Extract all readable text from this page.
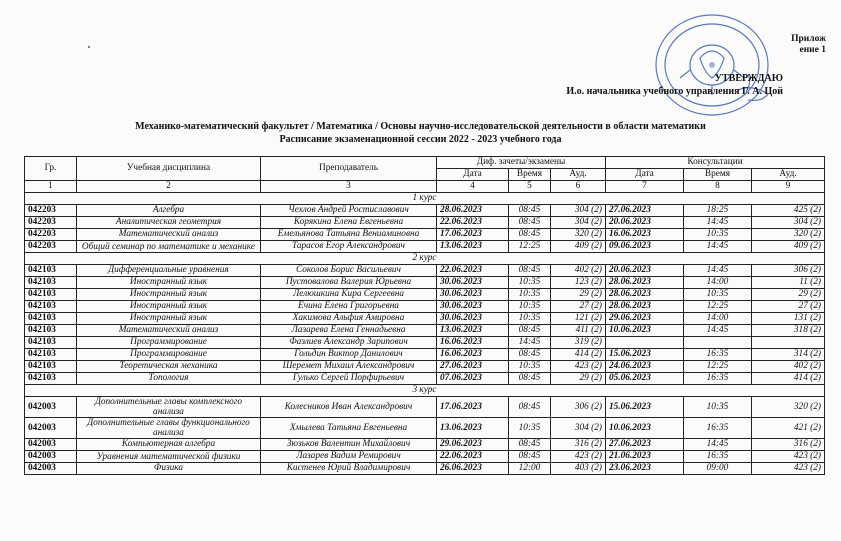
Прилож
ение 1
УТВЕРЖДАЮ
И.о. начальника учебного управления Г. А. Цой
Механико-математический факультет / Математика / Основы научно-исследовательской деятельности в области математики
Расписание экзаменационной сессии 2022 - 2023 учебного года
Гр.	Учебная дисциплина	Преподаватель	Диф. зачеты/экзамены			Консультации		
			Дата	Время	Ауд.	Дата	Время	Ауд.
1	2	3	4	5	6	7	8	9
1 курс								
042203	Алгебра	Чехлов Андрей Ростиславович	28.06.2023	08:45	304 (2)	27.06.2023	18:25	425 (2)
042203	Аналитическая геометрия	Корякина Елена Евгеньевна	22.06.2023	08:45	304 (2)	20.06.2023	14:45	304 (2)
042203	Математический анализ	Емельянова Татьяна Вениаминовна	17.06.2023	08:45	320 (2)	16.06.2023	10:35	320 (2)
042203	Общий семинар по математике и механике	Тарасов Егор Александрович	13.06.2023	12:25	409 (2)	09.06.2023	14:45	409 (2)
2 курс								
042103	Дифференциальные уравнения	Соколов Борис Васильевич	22.06.2023	08:45	402 (2)	20.06.2023	14:45	306 (2)
042103	Иностранный язык	Пустовалова Валерия Юрьевна	30.06.2023	10:35	123 (2)	28.06.2023	14:00	11 (2)
042103	Иностранный язык	Лелюшкина Кира Сергеевна	30.06.2023	10:35	29 (2)	28.06.2023	10:35	29 (2)
042103	Иностранный язык	Ечина Елена Григорьевна	30.06.2023	10:35	27 (2)	28.06.2023	12:25	27 (2)
042103	Иностранный язык	Хакимова Альфия Амировна	30.06.2023	10:35	121 (2)	29.06.2023	14:00	131 (2)
042103	Математический анализ	Лазарева Елена Геннадьевна	13.06.2023	08:45	411 (2)	10.06.2023	14:45	318 (2)
042103	Программирование	Фазлиев Александр Зарипович	16.06.2023	14:45	319 (2)			
042103	Программирование	Гольдин Виктор Данилович	16.06.2023	08:45	414 (2)	15.06.2023	16:35	314 (2)
042103	Теоретическая механика	Шеремет Михаил Александрович	27.06.2023	10:35	423 (2)	24.06.2023	12:25	402 (2)
042103	Топология	Гулько Сергей Порфирьевич	07.06.2023	08:45	29 (2)	05.06.2023	16:35	414 (2)
3 курс								
042003	Дополнительные главы комплексного анализа	Колесников Иван Александрович	17.06.2023	08:45	306 (2)	15.06.2023	10:35	320 (2)
042003	Дополнительные главы функционального анализа	Хмылева Татьяна Евгеньевна	13.06.2023	10:35	304 (2)	10.06.2023	16:35	421 (2)
042003	Компьютерная алгебра	Зюзьков Валентин Михайлович	29.06.2023	08:45	316 (2)	27.06.2023	14:45	316 (2)
042003	Уравнения математической физики	Лазарев Вадим Ремирович	22.06.2023	08:45	423 (2)	21.06.2023	16:35	423 (2)
042003	Физика	Кистенев Юрий Владимирович	26.06.2023	12:00	403 (2)	23.06.2023	09:00	423 (2)
